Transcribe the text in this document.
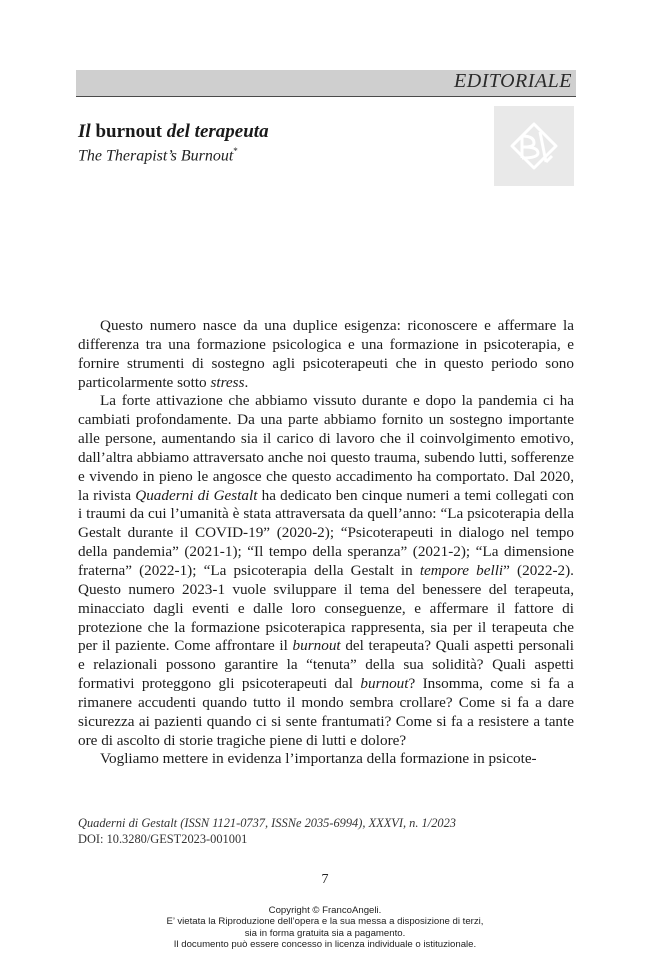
EDITORIALE
Il burnout del terapeuta

The Therapist’s Burnout*

Questo numero nasce da una duplice esigenza: riconoscere e affermare la differenza tra una formazione psicologica e una formazione in psicoterapia, e fornire strumenti di sostegno agli psicoterapeuti che in questo periodo sono particolarmente sotto stress.

La forte attivazione che abbiamo vissuto durante e dopo la pandemia ci ha cambiati profondamente. Da una parte abbiamo fornito un sostegno importante alle persone, aumentando sia il carico di lavoro che il coinvolgimento emotivo, dall’altra abbiamo attraversato anche noi questo trauma, subendo lutti, sofferenze e vivendo in pieno le angosce che questo accadimento ha comportato. Dal 2020, la rivista Quaderni di Gestalt ha dedicato ben cinque numeri a temi collegati con i traumi da cui l’umanità è stata attraversata da quell’anno: “La psicoterapia della Gestalt durante il COVID-19” (2020-2); “Psicoterapeuti in dialogo nel tempo della pandemia” (2021-1); “Il tempo della speranza” (2021-2); “La dimensione fraterna” (2022-1); “La psicoterapia della Gestalt in tempore belli” (2022-2). Questo numero 2023-1 vuole sviluppare il tema del benessere del terapeuta, minacciato dagli eventi e dalle loro conseguenze, e affermare il fattore di protezione che la formazione psicoterapica rappresenta, sia per il terapeuta che per il paziente. Come affrontare il burnout del terapeuta? Quali aspetti personali e relazionali possono garantire la “tenuta” della sua solidità? Quali aspetti formativi proteggono gli psicoterapeuti dal burnout? Insomma, come si fa a rimanere accudenti quando tutto il mondo sembra crollare? Come si fa a dare sicurezza ai pazienti quando ci si sente frantumati? Come si fa a resistere a tante ore di ascolto di storie tragiche piene di lutti e dolore?

Vogliamo mettere in evidenza l’importanza della formazione in psicote-

Quaderni di Gestalt (ISSN 1121-0737, ISSNe 2035-6994), XXXVI, n. 1/2023
DOI: 10.3280/GEST2023-001001
7
Copyright © FrancoAngeli.
E’ vietata la Riproduzione dell’opera e la sua messa a disposizione di terzi,
sia in forma gratuita sia a pagamento.
Il documento può essere concesso in licenza individuale o istituzionale.
